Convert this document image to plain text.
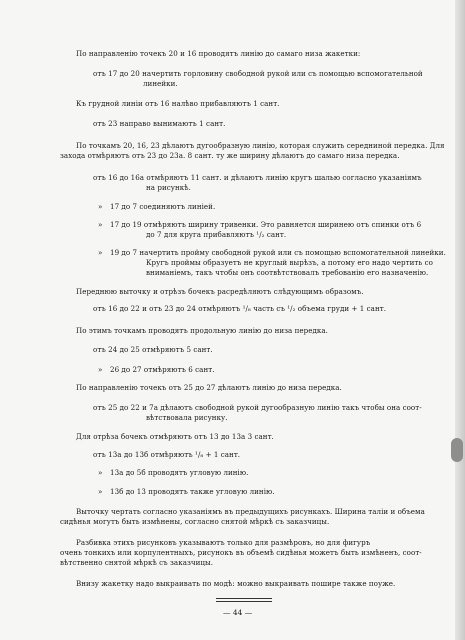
По направленію точекъ 20 и 16 проводятъ линію до самаго низа жакетки:
отъ 17 до 20 начертить горловину свободной рукой или съ помощью вспомогательной
линейки.
Къ грудной линіи отъ 16 налѣво прибавляютъ 1 сант.
отъ 23 направо вынимаютъ 1 сант.
По точкамъ 20, 16, 23 дѣлаютъ дугообразную линію, которая служить середниной передка. Для
захода отмѣряютъ отъ 23 до 23а. 8 сант. ту же ширину дѣлаютъ до самаго низа передка.
отъ 16 до 16а отмѣряютъ 11 сант. и дѣлаютъ линію кругъ шалью согласно указаніямъ
на рисункѣ.
» 17 до 7 соединяютъ линіей.
» 17 до 19 отмѣряютъ ширину тривенки. Это равняется ширинею отъ спинки отъ 6
до 7 для круга прибавляютъ ¹/₂ сант.
» 19 до 7 начертить пройму свободной рукой или съ помощью вспомогательной линейки.
Кругъ проймы образуетъ не круглый вырѣзъ, а потому его надо чертить со
вниманіемъ, такъ чтобы онъ соотвѣтствовалъ требованію его назначенію.
Переднюю выточку и отрѣзъ бочекъ расредѣляютъ слѣдующимъ образомъ.
отъ 16 до 22 и отъ 23 до 24 отмѣряютъ ¹/₈ часть съ ¹/₂ объема груди + 1 сант.
По этимъ точкамъ проводятъ продольную линію до низа передка.
отъ 24 до 25 отмѣряютъ 5 сант.
» 26 до 27 отмѣряютъ 6 сант.
По направленію точекъ отъ 25 до 27 дѣлаютъ линію до низа передка.
отъ 25 до 22 и 7а дѣлаютъ свободной рукой дугообразную линію такъ чтобы она соот-
вѣтствовала рисунку.
Для отрѣза бочекъ отмѣряютъ отъ 13 до 13а 3 сант.
отъ 13а до 13б отмѣряютъ ¹/₈ + 1 сант.
» 13а до 5б проводятъ угловую линію.
» 13б до 13 проводятъ также угловую линію.
Выточку чертать согласно указаніямъ въ предыдущихъ рисункахъ. Ширина таліи и объема
сидѣнья могутъ быть измѣнены, согласно снятой мѣркѣ съ заказчицы.
Разбивка этихъ рисунковъ указываютъ только для размѣровъ, но для фигуръ
очень тонкихъ или корпулентныхъ, рисунокъ въ объемѣ сидѣнья можетъ быть измѣненъ, соот-
вѣтственно снятой мѣркѣ съ заказчицы.
Внизу жакетку надо выкраивать по модѣ: можно выкраивать пошире также поуже.
— 44 —
